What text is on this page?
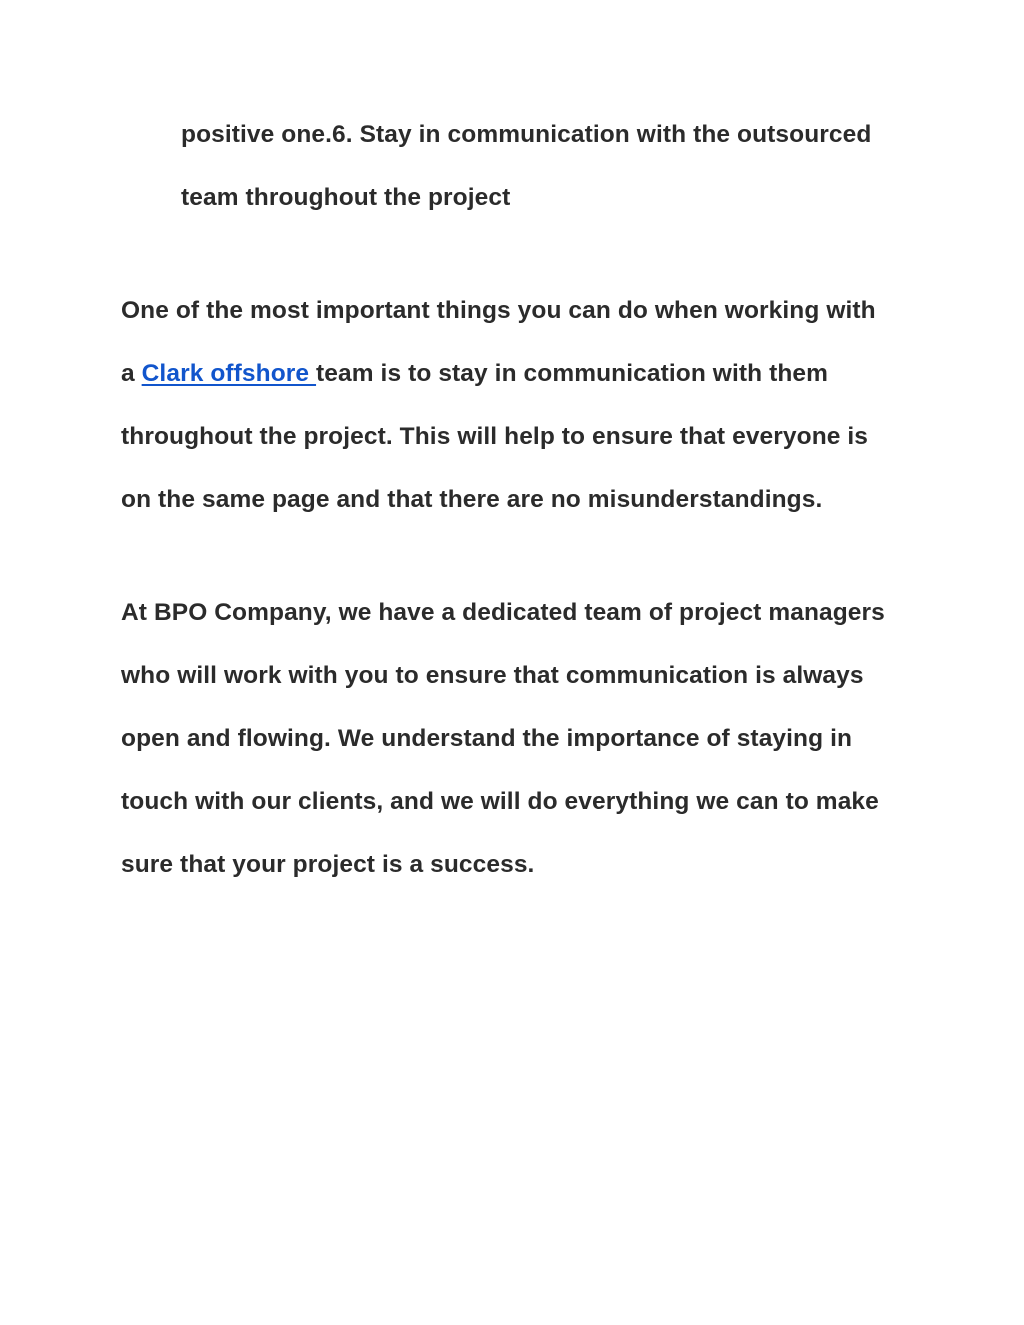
positive one.6. Stay in communication with the outsourced

team throughout the project

One of the most important things you can do when working with

a Clark offshore team is to stay in communication with them

throughout the project. This will help to ensure that everyone is

on the same page and that there are no misunderstandings.

At BPO Company, we have a dedicated team of project managers

who will work with you to ensure that communication is always

open and flowing. We understand the importance of staying in

touch with our clients, and we will do everything we can to make

sure that your project is a success.
